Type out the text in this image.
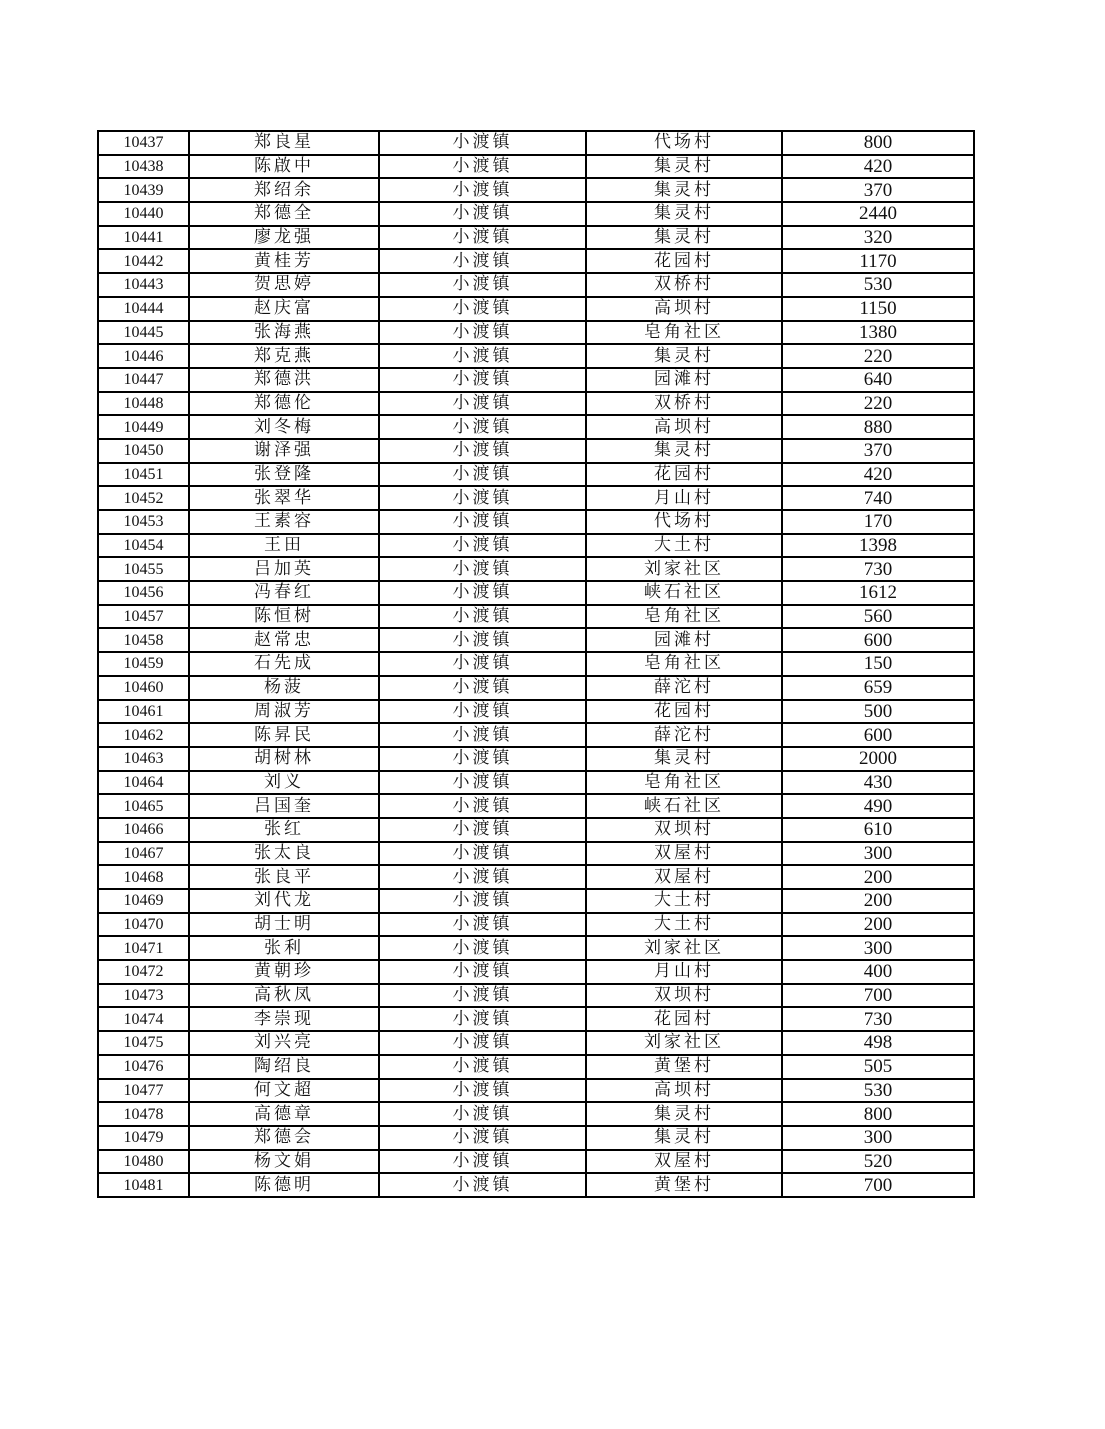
10437	郑良星	小渡镇	代场村	800
10438	陈啟中	小渡镇	集灵村	420
10439	郑绍余	小渡镇	集灵村	370
10440	郑德全	小渡镇	集灵村	2440
10441	廖龙强	小渡镇	集灵村	320
10442	黄桂芳	小渡镇	花园村	1170
10443	贺思婷	小渡镇	双桥村	530
10444	赵庆富	小渡镇	高坝村	1150
10445	张海燕	小渡镇	皂角社区	1380
10446	郑克燕	小渡镇	集灵村	220
10447	郑德洪	小渡镇	园滩村	640
10448	郑德伦	小渡镇	双桥村	220
10449	刘冬梅	小渡镇	高坝村	880
10450	谢泽强	小渡镇	集灵村	370
10451	张登隆	小渡镇	花园村	420
10452	张翠华	小渡镇	月山村	740
10453	王素容	小渡镇	代场村	170
10454	王田	小渡镇	大土村	1398
10455	吕加英	小渡镇	刘家社区	730
10456	冯春红	小渡镇	峡石社区	1612
10457	陈恒树	小渡镇	皂角社区	560
10458	赵常忠	小渡镇	园滩村	600
10459	石先成	小渡镇	皂角社区	150
10460	杨菠	小渡镇	薛沱村	659
10461	周淑芳	小渡镇	花园村	500
10462	陈昇民	小渡镇	薛沱村	600
10463	胡树林	小渡镇	集灵村	2000
10464	刘义	小渡镇	皂角社区	430
10465	吕国奎	小渡镇	峡石社区	490
10466	张红	小渡镇	双坝村	610
10467	张太良	小渡镇	双屋村	300
10468	张良平	小渡镇	双屋村	200
10469	刘代龙	小渡镇	大土村	200
10470	胡士明	小渡镇	大土村	200
10471	张利	小渡镇	刘家社区	300
10472	黄朝珍	小渡镇	月山村	400
10473	高秋凤	小渡镇	双坝村	700
10474	李崇现	小渡镇	花园村	730
10475	刘兴亮	小渡镇	刘家社区	498
10476	陶绍良	小渡镇	黄堡村	505
10477	何文超	小渡镇	高坝村	530
10478	高德章	小渡镇	集灵村	800
10479	郑德会	小渡镇	集灵村	300
10480	杨文娟	小渡镇	双屋村	520
10481	陈德明	小渡镇	黄堡村	700
